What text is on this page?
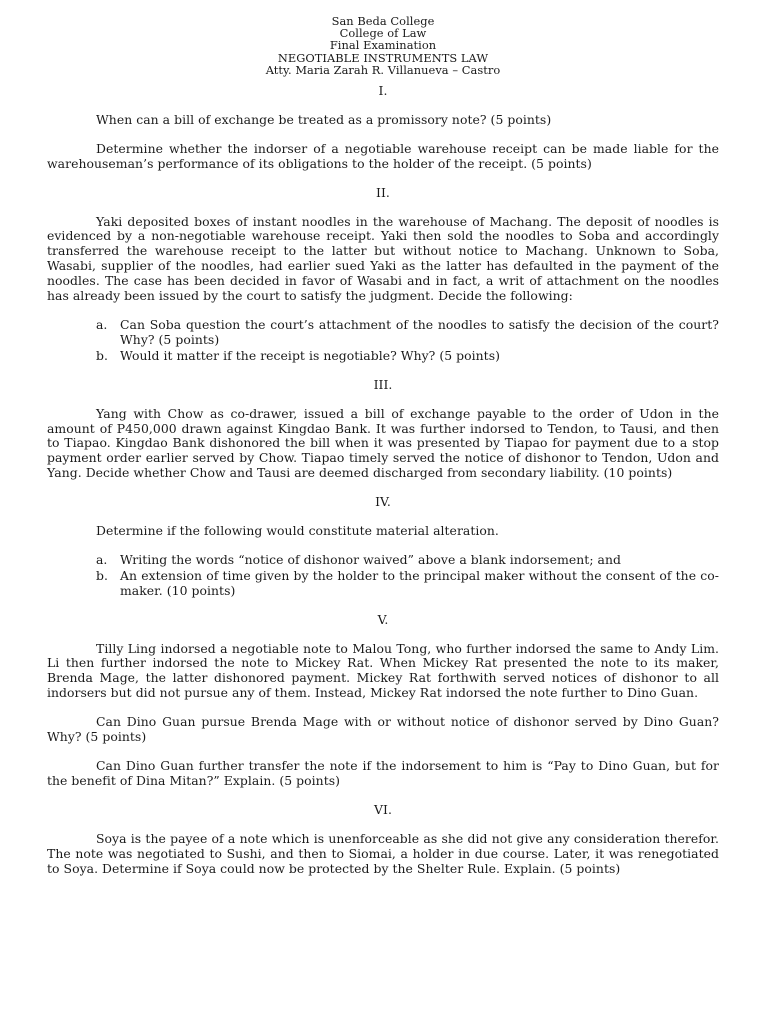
San Beda College
College of Law
Final Examination
NEGOTIABLE INSTRUMENTS LAW
Atty. Maria Zarah R. Villanueva – Castro
I.

When can a bill of exchange be treated as a promissory note? (5 points)

Determine whether the indorser of a negotiable warehouse receipt can be made liable for the warehouseman’s performance of its obligations to the holder of the receipt. (5 points)

II.

Yaki deposited boxes of instant noodles in the warehouse of Machang. The deposit of noodles is evidenced by a non-negotiable warehouse receipt. Yaki then sold the noodles to Soba and accordingly transferred the warehouse receipt to the latter but without notice to Machang. Unknown to Soba, Wasabi, supplier of the noodles, had earlier sued Yaki as the latter has defaulted in the payment of the noodles. The case has been decided in favor of Wasabi and in fact, a writ of attachment on the noodles has already been issued by the court to satisfy the judgment. Decide the following:

a. Can Soba question the court’s attachment of the noodles to satisfy the decision of the court? Why? (5 points)
b. Would it matter if the receipt is negotiable? Why? (5 points)
III.

Yang with Chow as co-drawer, issued a bill of exchange payable to the order of Udon in the amount of P450,000 drawn against Kingdao Bank. It was further indorsed to Tendon, to Tausi, and then to Tiapao. Kingdao Bank dishonored the bill when it was presented by Tiapao for payment due to a stop payment order earlier served by Chow. Tiapao timely served the notice of dishonor to Tendon, Udon and Yang. Decide whether Chow and Tausi are deemed discharged from secondary liability. (10 points)

IV.

Determine if the following would constitute material alteration.

a. Writing the words “notice of dishonor waived” above a blank indorsement; and
b. An extension of time given by the holder to the principal maker without the consent of the co-maker. (10 points)
V.

Tilly Ling indorsed a negotiable note to Malou Tong, who further indorsed the same to Andy Lim. Li then further indorsed the note to Mickey Rat. When Mickey Rat presented the note to its maker, Brenda Mage, the latter dishonored payment. Mickey Rat forthwith served notices of dishonor to all indorsers but did not pursue any of them. Instead, Mickey Rat indorsed the note further to Dino Guan.

Can Dino Guan pursue Brenda Mage with or without notice of dishonor served by Dino Guan? Why? (5 points)

Can Dino Guan further transfer the note if the indorsement to him is “Pay to Dino Guan, but for the benefit of Dina Mitan?” Explain. (5 points)

VI.

Soya is the payee of a note which is unenforceable as she did not give any consideration therefor. The note was negotiated to Sushi, and then to Siomai, a holder in due course. Later, it was renegotiated to Soya. Determine if Soya could now be protected by the Shelter Rule. Explain. (5 points)
